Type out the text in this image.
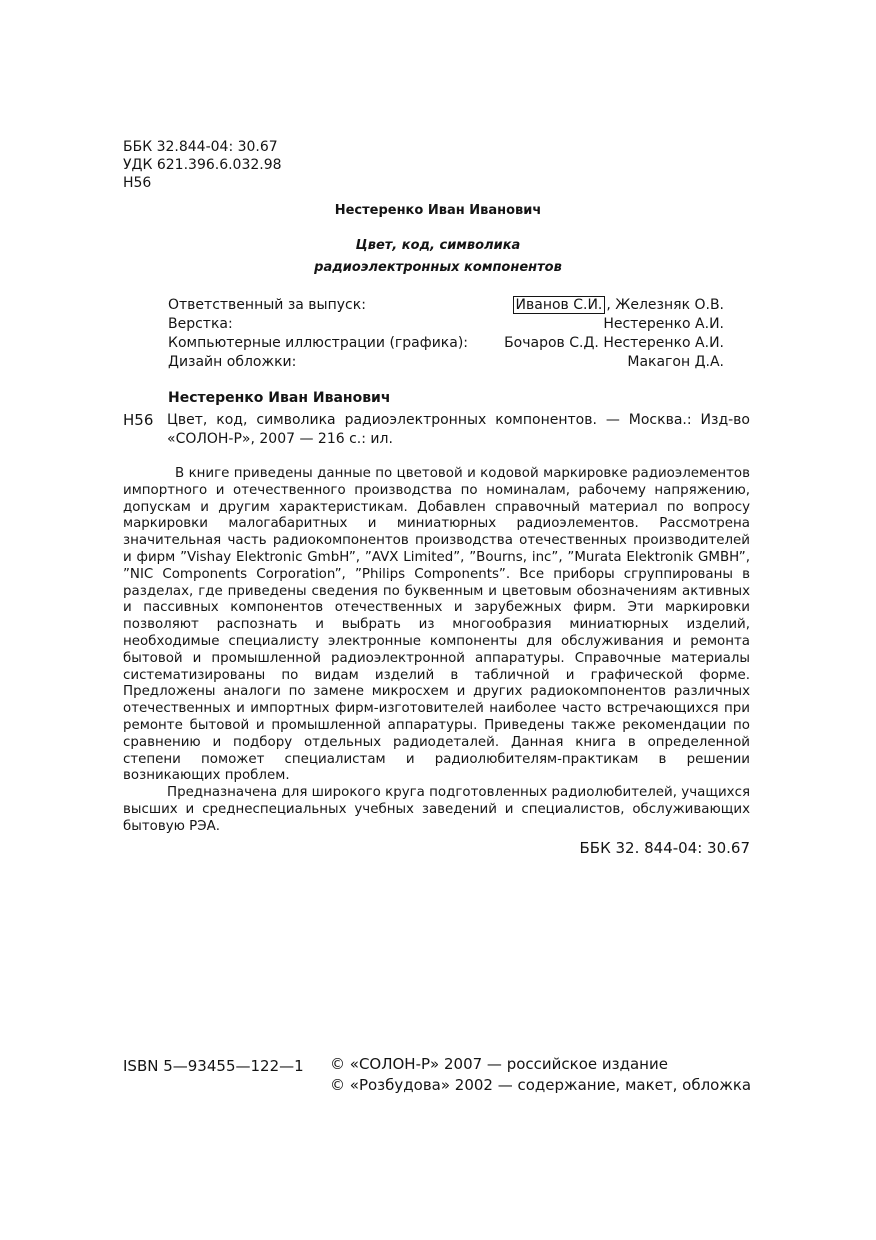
ББК 32.844-04: 30.67
УДК 621.396.6.032.98
Н56
Нестеренко Иван Иванович
Цвет, код, символика
радиоэлектронных компонентов
Ответственный за выпуск:	Иванов С.И. , Железняк О.В.
Верстка:	Нестеренко А.И.
Компьютерные иллюстрации (графика):	Бочаров С.Д. Нестеренко А.И.
Дизайн обложки:	Макагон Д.А.
Нестеренко Иван Иванович
Н56 Цвет, код, символика радиоэлектронных компонентов. — Москва.: Изд-во «СОЛОН-Р», 2007 — 216 с.: ил.

В книге приведены данные по цветовой и кодовой маркировке радиоэлементов импортного и отечественного производства по номиналам, рабочему напряжению, допускам и другим характеристикам. Добавлен справочный материал по вопросу маркировки малогабаритных и миниатюрных радиоэлементов. Рассмотрена значительная часть радиокомпонентов производства отечественных производителей и фирм ”Vishay Elektronic GmbH”, ”AVX Limited”, ”Bourns, inc”, ”Murata Elektronik GMBH”, ”NIC Components Corporation”, ”Philips Components”. Все приборы сгруппированы в разделах, где приведены сведения по буквенным и цветовым обозначениям активных и пассивных компонентов отечественных и зарубежных фирм. Эти маркировки позволяют распознать и выбрать из многообразия миниатюрных изделий, необходимые специалисту электронные компоненты для обслуживания и ремонта бытовой и промышленной радиоэлектронной аппаратуры. Справочные материалы систематизированы по видам изделий в табличной и графической форме. Предложены аналоги по замене микросхем и других радиокомпонентов различных отечественных и импортных фирм-изготовителей наиболее часто встречающихся при ремонте бытовой и промышленной аппаратуры. Приведены также рекомендации по сравнению и подбору отдельных радиодеталей. Данная книга в определенной степени поможет специалистам и радиолюбителям-практикам в решении возникающих проблем.

Предназначена для широкого круга подготовленных радиолюбителей, учащихся высших и среднеспециальных учебных заведений и специалистов, обслуживающих бытовую РЭА.

ББК 32. 844-04: 30.67
ISBN 5—93455—122—1 © «СОЛОН-Р» 2007 — российское издание
© «Розбудова» 2002 — содержание, макет, обложка
